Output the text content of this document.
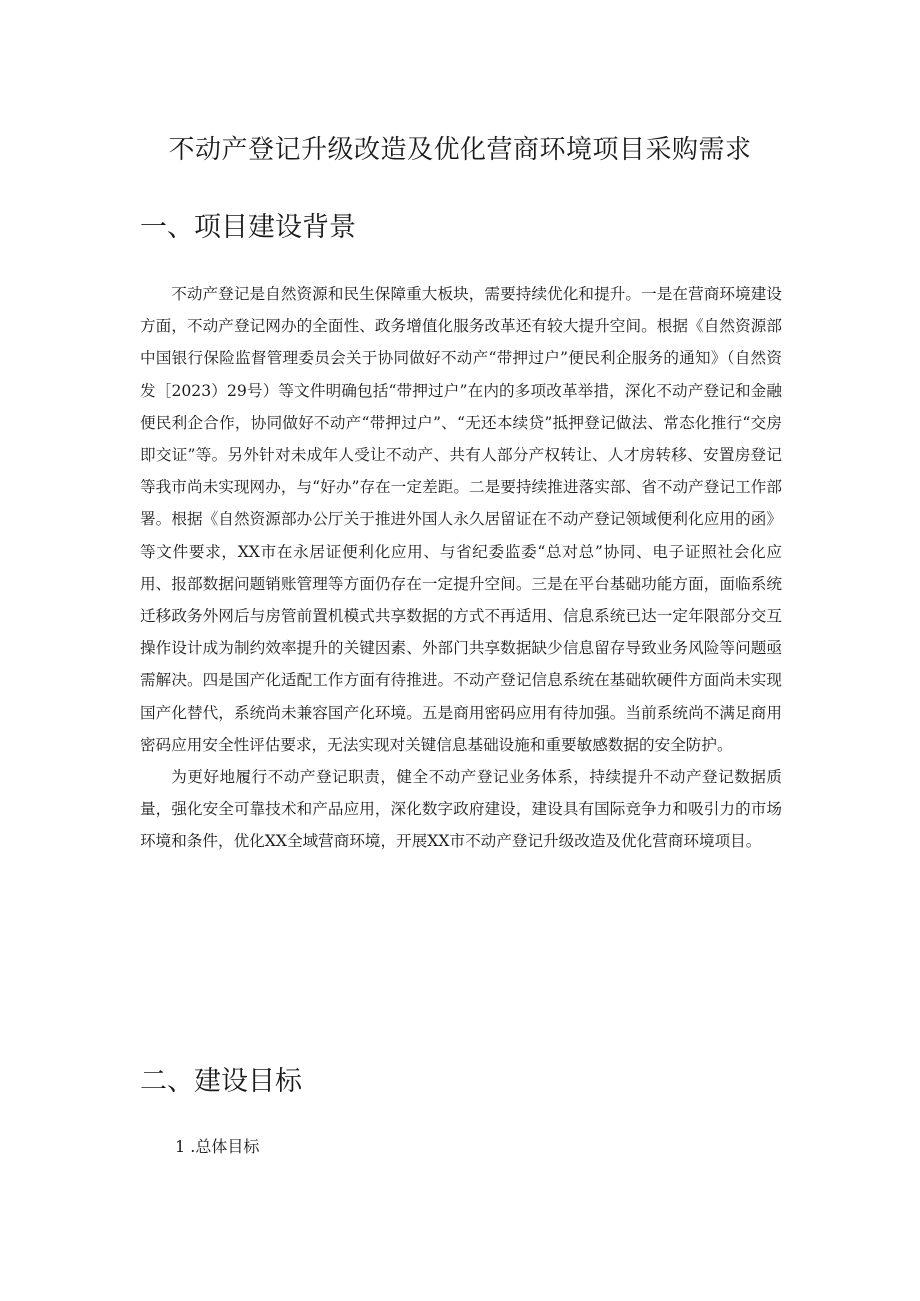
不动产登记升级改造及优化营商环境项目采购需求
一、项目建设背景

不动产登记是自然资源和民生保障重大板块，需要持续优化和提升。一是在营商环境建设方面，不动产登记网办的全面性、政务增值化服务改革还有较大提升空间。根据《自然资源部中国银行保险监督管理委员会关于协同做好不动产“带押过户”便民利企服务的通知》（自然资发［2023）29号）等文件明确包括“带押过户”在内的多项改革举措，深化不动产登记和金融便民利企合作，协同做好不动产“带押过户”、“无还本续贷”抵押登记做法、常态化推行“交房即交证”等。另外针对未成年人受让不动产、共有人部分产权转让、人才房转移、安置房登记等我市尚未实现网办，与“好办”存在一定差距。二是要持续推进落实部、省不动产登记工作部署。根据《自然资源部办公厅关于推进外国人永久居留证在不动产登记领域便利化应用的函》等文件要求，XX市在永居证便利化应用、与省纪委监委“总对总”协同、电子证照社会化应用、报部数据问题销账管理等方面仍存在一定提升空间。三是在平台基础功能方面，面临系统迁移政务外网后与房管前置机模式共享数据的方式不再适用、信息系统已达一定年限部分交互操作设计成为制约效率提升的关键因素、外部门共享数据缺少信息留存导致业务风险等问题亟需解决。四是国产化适配工作方面有待推进。不动产登记信息系统在基础软硬件方面尚未实现国产化替代，系统尚未兼容国产化环境。五是商用密码应用有待加强。当前系统尚不满足商用密码应用安全性评估要求，无法实现对关键信息基础设施和重要敏感数据的安全防护。

为更好地履行不动产登记职责，健全不动产登记业务体系，持续提升不动产登记数据质量，强化安全可靠技术和产品应用，深化数字政府建设，建设具有国际竞争力和吸引力的市场环境和条件，优化XX全域营商环境，开展XX市不动产登记升级改造及优化营商环境项目。

二、建设目标
1 .总体目标
